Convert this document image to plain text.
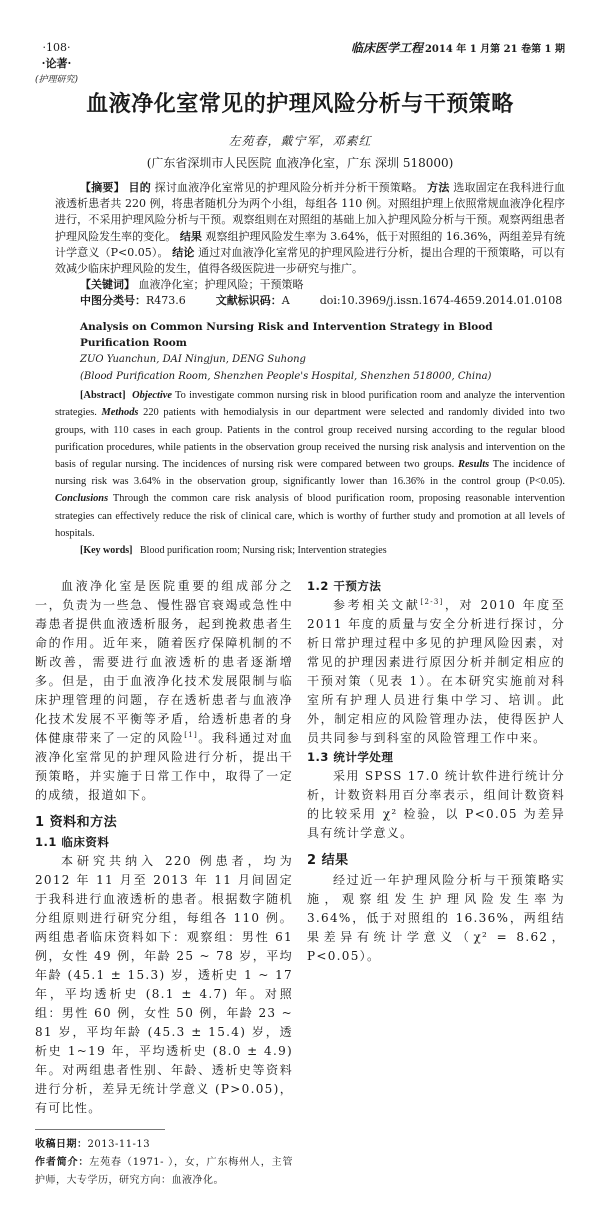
·108·
·论著·
(护理研究)
临床医学工程 2014 年 1 月第 21 卷第 1 期
血液净化室常见的护理风险分析与干预策略
左苑春，戴宁军，邓素红
(广东省深圳市人民医院 血液净化室，广东 深圳 518000)
【摘要】 目的 探讨血液净化室常见的护理风险分析并分析干预策略。 方法 选取固定在我科进行血液透析患者共 220 例，将患者随机分为两个小组，每组各 110 例。对照组护理上依照常规血液净化程序进行，不采用护理风险分析与干预。观察组则在对照组的基础上加入护理风险分析与干预。观察两组患者护理风险发生率的变化。 结果 观察组护理风险发生率为 3.64%，低于对照组的 16.36%，两组差异有统计学意义（P<0.05）。 结论 通过对血液净化室常见的护理风险进行分析，提出合理的干预策略，可以有效减少临床护理风险的发生，值得各级医院进一步研究与推广。
【关键词】 血液净化室；护理风险；干预策略
中图分类号：R473.6	文献标识码：A	doi:10.3969/j.issn.1674-4659.2014.01.0108
Analysis on Common Nursing Risk and Intervention Strategy in Blood Purification Room
ZUO Yuanchun, DAI Ningjun, DENG Suhong
(Blood Purification Room, Shenzhen People's Hospital, Shenzhen 518000, China)
[Abstract] Objective To investigate common nursing risk in blood purification room and analyze the intervention strategies. Methods 220 patients with hemodialysis in our department were selected and randomly divided into two groups, with 110 cases in each group. Patients in the control group received nursing according to the regular blood purification procedures, while patients in the observation group received the nursing risk analysis and intervention on the basis of regular nursing. The incidences of nursing risk were compared between two groups. Results The incidence of nursing risk was 3.64% in the observation group, significantly lower than 16.36% in the control group (P<0.05). Conclusions Through the common care risk analysis of blood purification room, proposing reasonable intervention strategies can effectively reduce the risk of clinical care, which is worthy of further study and promotion at all levels of hospitals.
[Key words] Blood purification room; Nursing risk; Intervention strategies

血液净化室是医院重要的组成部分之一，负责为一些急、慢性器官衰竭或急性中毒患者提供血液透析服务，起到挽救患者生命的作用。近年来，随着医疗保障机制的不断改善，需要进行血液透析的患者逐渐增多。但是，由于血液净化技术发展限制与临床护理管理的问题，存在透析患者与血液净化技术发展不平衡等矛盾，给透析患者的身体健康带来了一定的风险[1]。我科通过对血液净化室常见的护理风险进行分析，提出干预策略，并实施于日常工作中，取得了一定的成绩，报道如下。

1 资料和方法
1.1 临床资料

本研究共纳入 220 例患者，均为 2012 年 11 月至 2013 年 11 月间固定于我科进行血液透析的患者。根据数字随机分组原则进行研究分组，每组各 110 例。两组患者临床资料如下：观察组：男性 61 例，女性 49 例，年龄 25 ~ 78 岁，平均年龄 (45.1 ± 15.3) 岁，透析史 1 ~ 17 年，平均透析史 (8.1 ± 4.7) 年。对照组：男性 60 例，女性 50 例，年龄 23 ~ 81 岁，平均年龄 (45.3 ± 15.4) 岁，透析史 1~19 年，平均透析史 (8.0 ± 4.9) 年。对两组患者性别、年龄、透析史等资料进行分析，差异无统计学意义 (P>0.05)，有可比性。

收稿日期：2013-11-13

作者简介：左苑春（1971- ），女，广东梅州人，主管护师，大专学历，研究方向：血液净化。

1.2 干预方法

参考相关文献[2-3]，对 2010 年度至 2011 年度的质量与安全分析进行探讨，分析日常护理过程中多见的护理风险因素，对常见的护理因素进行原因分析并制定相应的干预对策（见表 1）。在本研究实施前对科室所有护理人员进行集中学习、培训。此外，制定相应的风险管理办法，使得医护人员共同参与到科室的风险管理工作中来。

1.3 统计学处理

采用 SPSS 17.0 统计软件进行统计分析，计数资料用百分率表示，组间计数资料的比较采用 χ² 检验，以 P<0.05 为差异具有统计学意义。

2 结果

经过近一年护理风险分析与干预策略实施，观察组发生护理风险发生率为 3.64%，低于对照组的 16.36%，两组结果差异有统计学意义（χ² = 8.62，P<0.05）。
